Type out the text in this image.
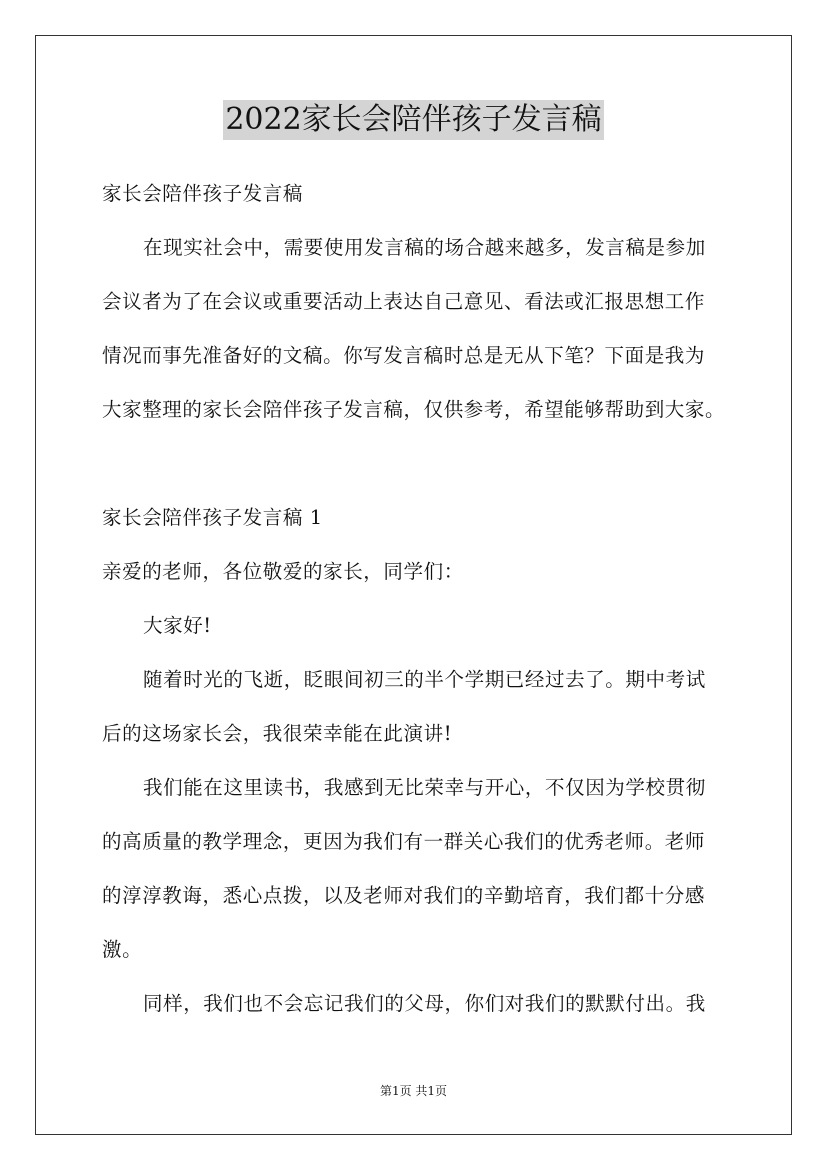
2022家长会陪伴孩子发言稿
家长会陪伴孩子发言稿
在现实社会中，需要使用发言稿的场合越来越多，发言稿是参加
会议者为了在会议或重要活动上表达自己意见、看法或汇报思想工作
情况而事先准备好的文稿。你写发言稿时总是无从下笔？下面是我为
大家整理的家长会陪伴孩子发言稿，仅供参考，希望能够帮助到大家。
家长会陪伴孩子发言稿 1
亲爱的老师，各位敬爱的家长，同学们：
大家好!
随着时光的飞逝，眨眼间初三的半个学期已经过去了。期中考试
后的这场家长会，我很荣幸能在此演讲!
我们能在这里读书，我感到无比荣幸与开心，不仅因为学校贯彻
的高质量的教学理念，更因为我们有一群关心我们的优秀老师。老师
的淳淳教诲，悉心点拨，以及老师对我们的辛勤培育，我们都十分感
激。
同样，我们也不会忘记我们的父母，你们对我们的默默付出。我
第1页 共1页
